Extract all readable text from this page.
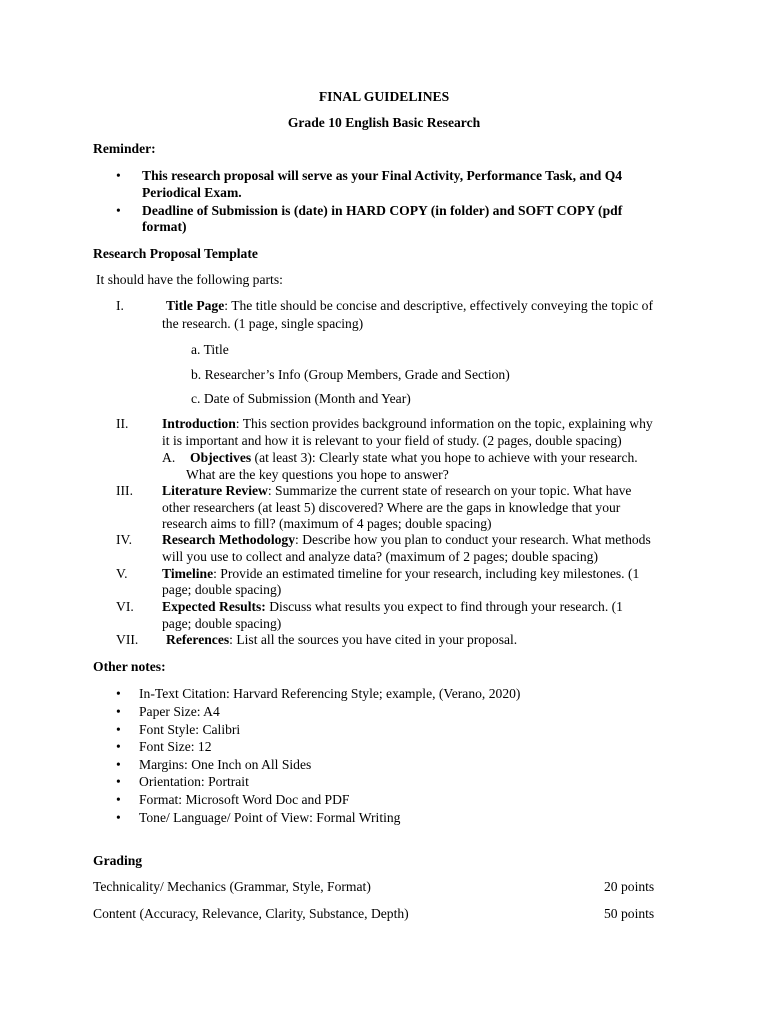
FINAL GUIDELINES
Grade 10 English Basic Research
Reminder:
• This research proposal will serve as your Final Activity, Performance Task, and Q4
Periodical Exam.
• Deadline of Submission is (date) in HARD COPY (in folder) and SOFT COPY (pdf
format)
Research Proposal Template
It should have the following parts:
I.	Title Page: The title should be concise and descriptive, effectively conveying the topic of
the research. (1 page, single spacing)
a. Title
b. Researcher’s Info (Group Members, Grade and Section)
c. Date of Submission (Month and Year)
II. Introduction: This section provides background information on the topic, explaining why
it is important and how it is relevant to your field of study. (2 pages, double spacing)
A. Objectives (at least 3): Clearly state what you hope to achieve with your research.
What are the key questions you hope to answer?
III. Literature Review: Summarize the current state of research on your topic. What have
other researchers (at least 5) discovered? Where are the gaps in knowledge that your
research aims to fill? (maximum of 4 pages; double spacing)
IV. Research Methodology: Describe how you plan to conduct your research. What methods
will you use to collect and analyze data? (maximum of 2 pages; double spacing)
V.	Timeline: Provide an estimated timeline for your research, including key milestones. (1
page; double spacing)
VI. Expected Results: Discuss what results you expect to find through your research. (1
page; double spacing)
VII. References: List all the sources you have cited in your proposal.
Other notes:
• In-Text Citation: Harvard Referencing Style; example, (Verano, 2020)
• Paper Size: A4
• Font Style: Calibri
• Font Size: 12
• Margins: One Inch on All Sides
• Orientation: Portrait
• Format: Microsoft Word Doc and PDF
• Tone/ Language/ Point of View: Formal Writing
Grading
Technicality/ Mechanics (Grammar, Style, Format)	20 points
Content (Accuracy, Relevance, Clarity, Substance, Depth)	50 points
